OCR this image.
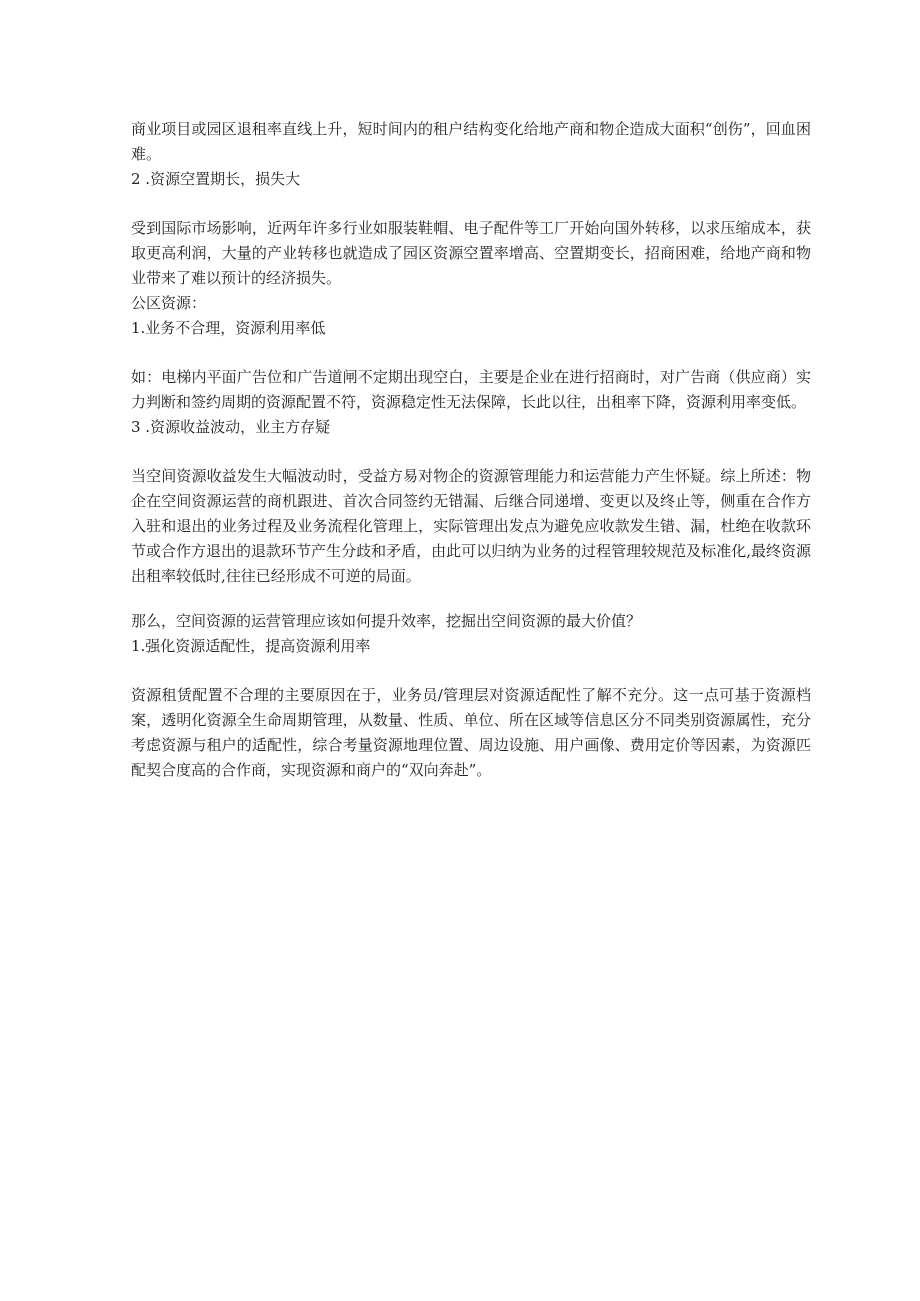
商业项目或园区退租率直线上升，短时间内的租户结构变化给地产商和物企造成大面积“创伤”，回血困难。

2 .资源空置期长，损失大

受到国际市场影响，近两年许多行业如服装鞋帽、电子配件等工厂开始向国外转移，以求压缩成本，获取更高利润，大量的产业转移也就造成了园区资源空置率增高、空置期变长，招商困难，给地产商和物业带来了难以预计的经济损失。

公区资源：

1.业务不合理，资源利用率低

如：电梯内平面广告位和广告道闸不定期出现空白，主要是企业在进行招商时，对广告商（供应商）实力判断和签约周期的资源配置不符，资源稳定性无法保障，长此以往，出租率下降，资源利用率变低。

3 .资源收益波动，业主方存疑

当空间资源收益发生大幅波动时，受益方易对物企的资源管理能力和运营能力产生怀疑。综上所述：物企在空间资源运营的商机跟进、首次合同签约无错漏、后继合同递增、变更以及终止等，侧重在合作方入驻和退出的业务过程及业务流程化管理上，实际管理出发点为避免应收款发生错、漏，杜绝在收款环节或合作方退出的退款环节产生分歧和矛盾，由此可以归纳为业务的过程管理较规范及标准化,最终资源出租率较低时,往往已经形成不可逆的局面。

那么，空间资源的运营管理应该如何提升效率，挖掘出空间资源的最大价值？

1.强化资源适配性，提高资源利用率

资源租赁配置不合理的主要原因在于，业务员/管理层对资源适配性了解不充分。这一点可基于资源档案，透明化资源全生命周期管理，从数量、性质、单位、所在区域等信息区分不同类别资源属性，充分考虑资源与租户的适配性，综合考量资源地理位置、周边设施、用户画像、费用定价等因素，为资源匹配契合度高的合作商，实现资源和商户的“双向奔赴”。
